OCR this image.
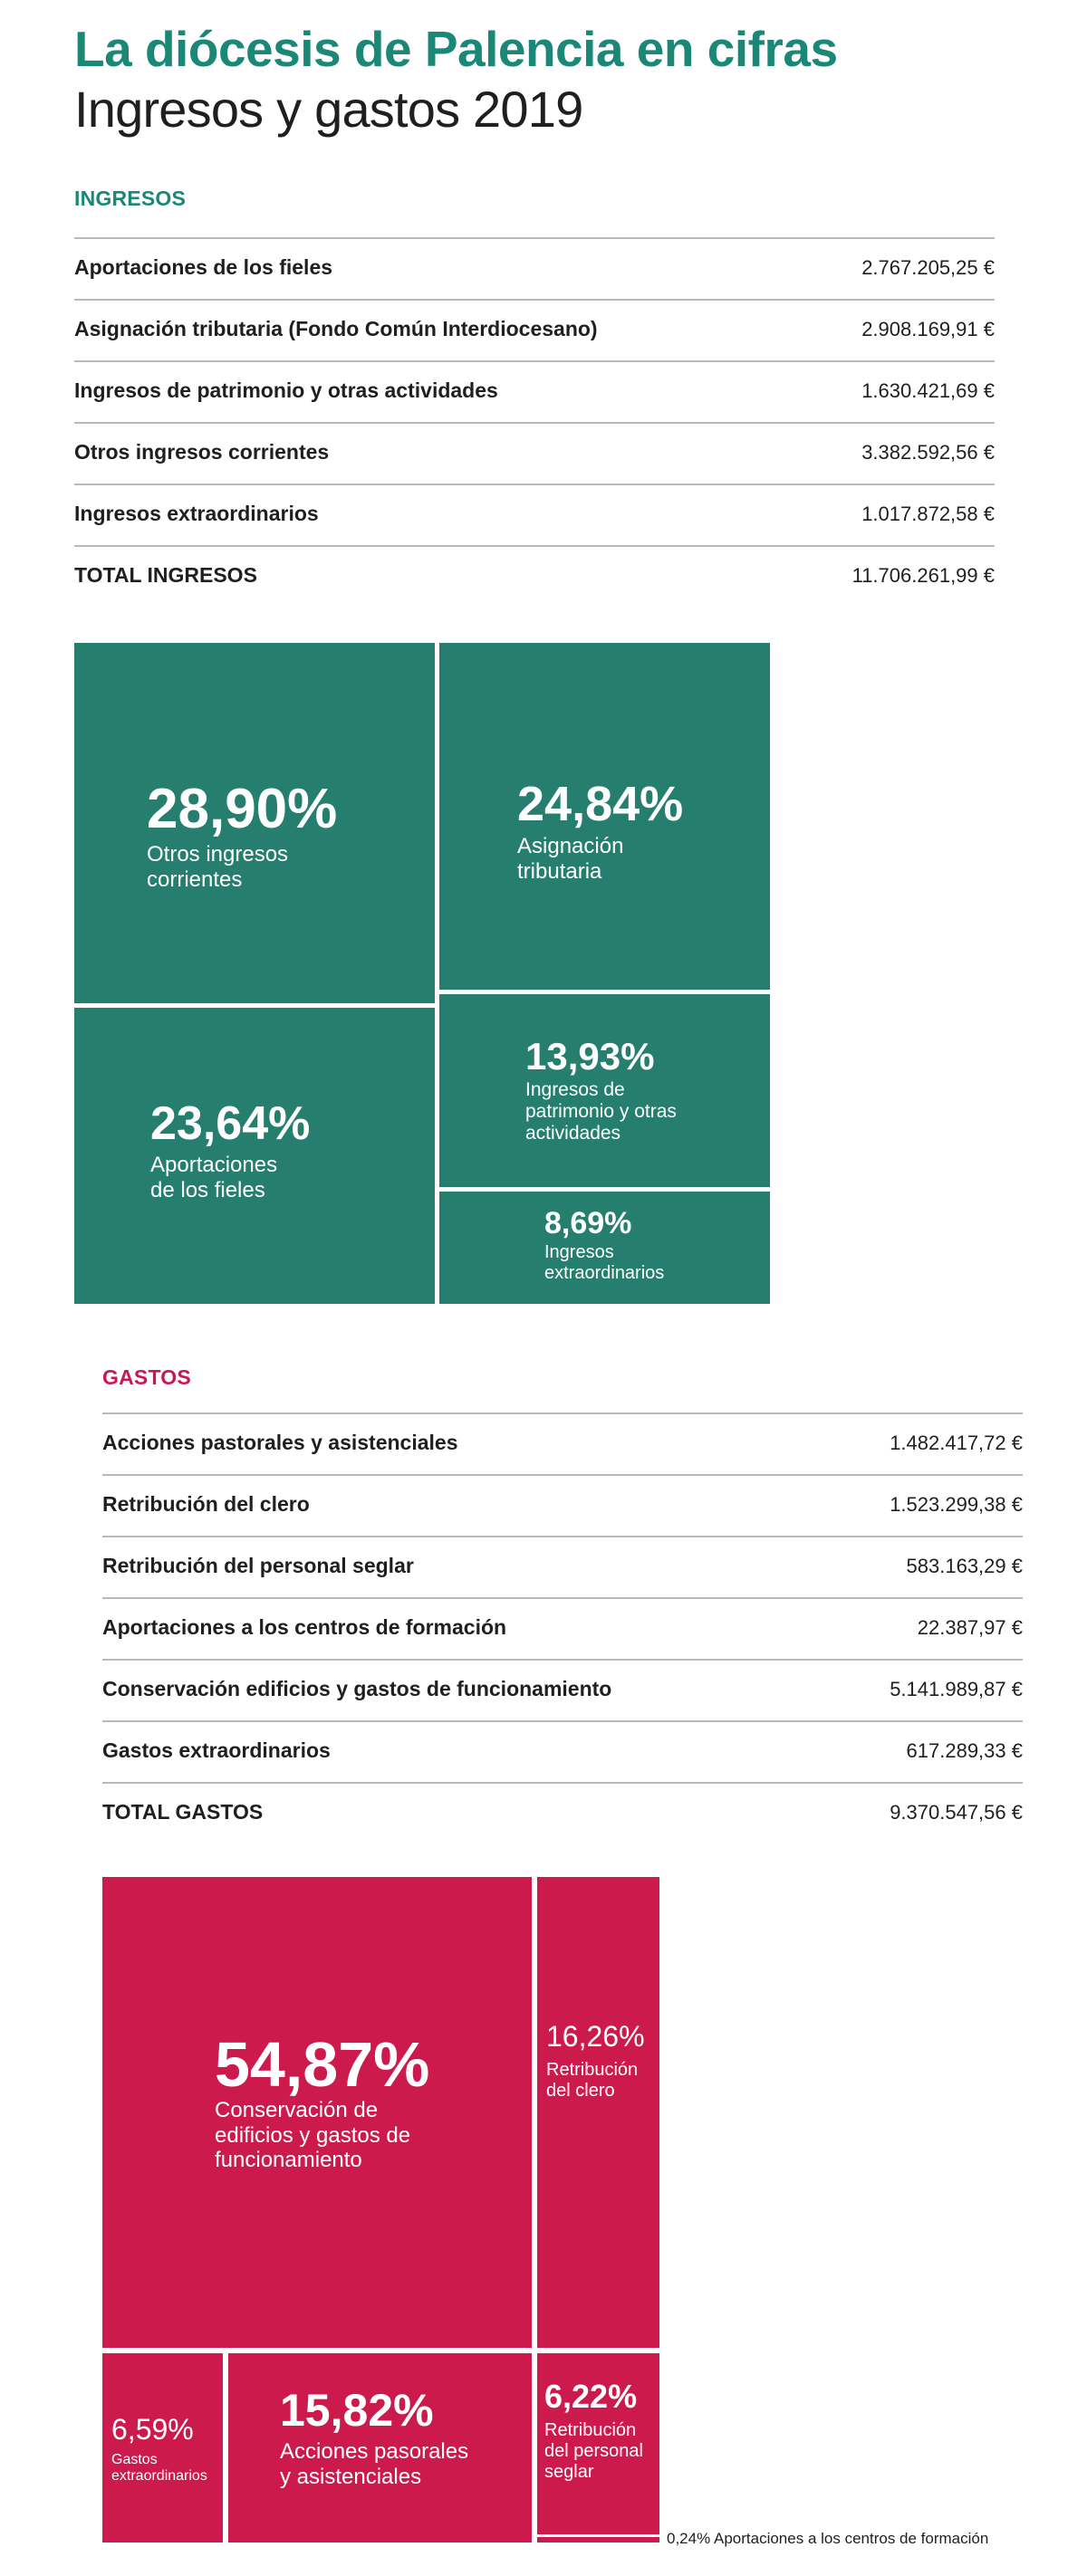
La diócesis de Palencia en cifras
Ingresos y gastos 2019
INGRESOS
Aportaciones de los fieles	2.767.205,25 €
Asignación tributaria (Fondo Común Interdiocesano)	2.908.169,91 €
Ingresos de patrimonio y otras actividades	1.630.421,69 €
Otros ingresos corrientes	3.382.592,56 €
Ingresos extraordinarios	1.017.872,58 €
TOTAL INGRESOS	11.706.261,99 €
28,90%
Otros ingresos
corrientes
24,84%
Asignación
tributaria
23,64%
Aportaciones
de los fieles
13,93%
Ingresos de
patrimonio y otras
actividades
8,69%
Ingresos
extraordinarios
GASTOS
Acciones pastorales y asistenciales	1.482.417,72 €
Retribución del clero	1.523.299,38 €
Retribución del personal seglar	583.163,29 €
Aportaciones a los centros de formación	22.387,97 €
Conservación edificios y gastos de funcionamiento	5.141.989,87 €
Gastos extraordinarios	617.289,33 €
TOTAL GASTOS	9.370.547,56 €
54,87%
Conservación de
edificios y gastos de
funcionamiento
16,26%
Retribución
del clero
6,59%
Gastos
extraordinarios
15,82%
Acciones pasorales
y asistenciales
6,22%
Retribución
del personal
seglar
0,24% Aportaciones a los centros de formación
